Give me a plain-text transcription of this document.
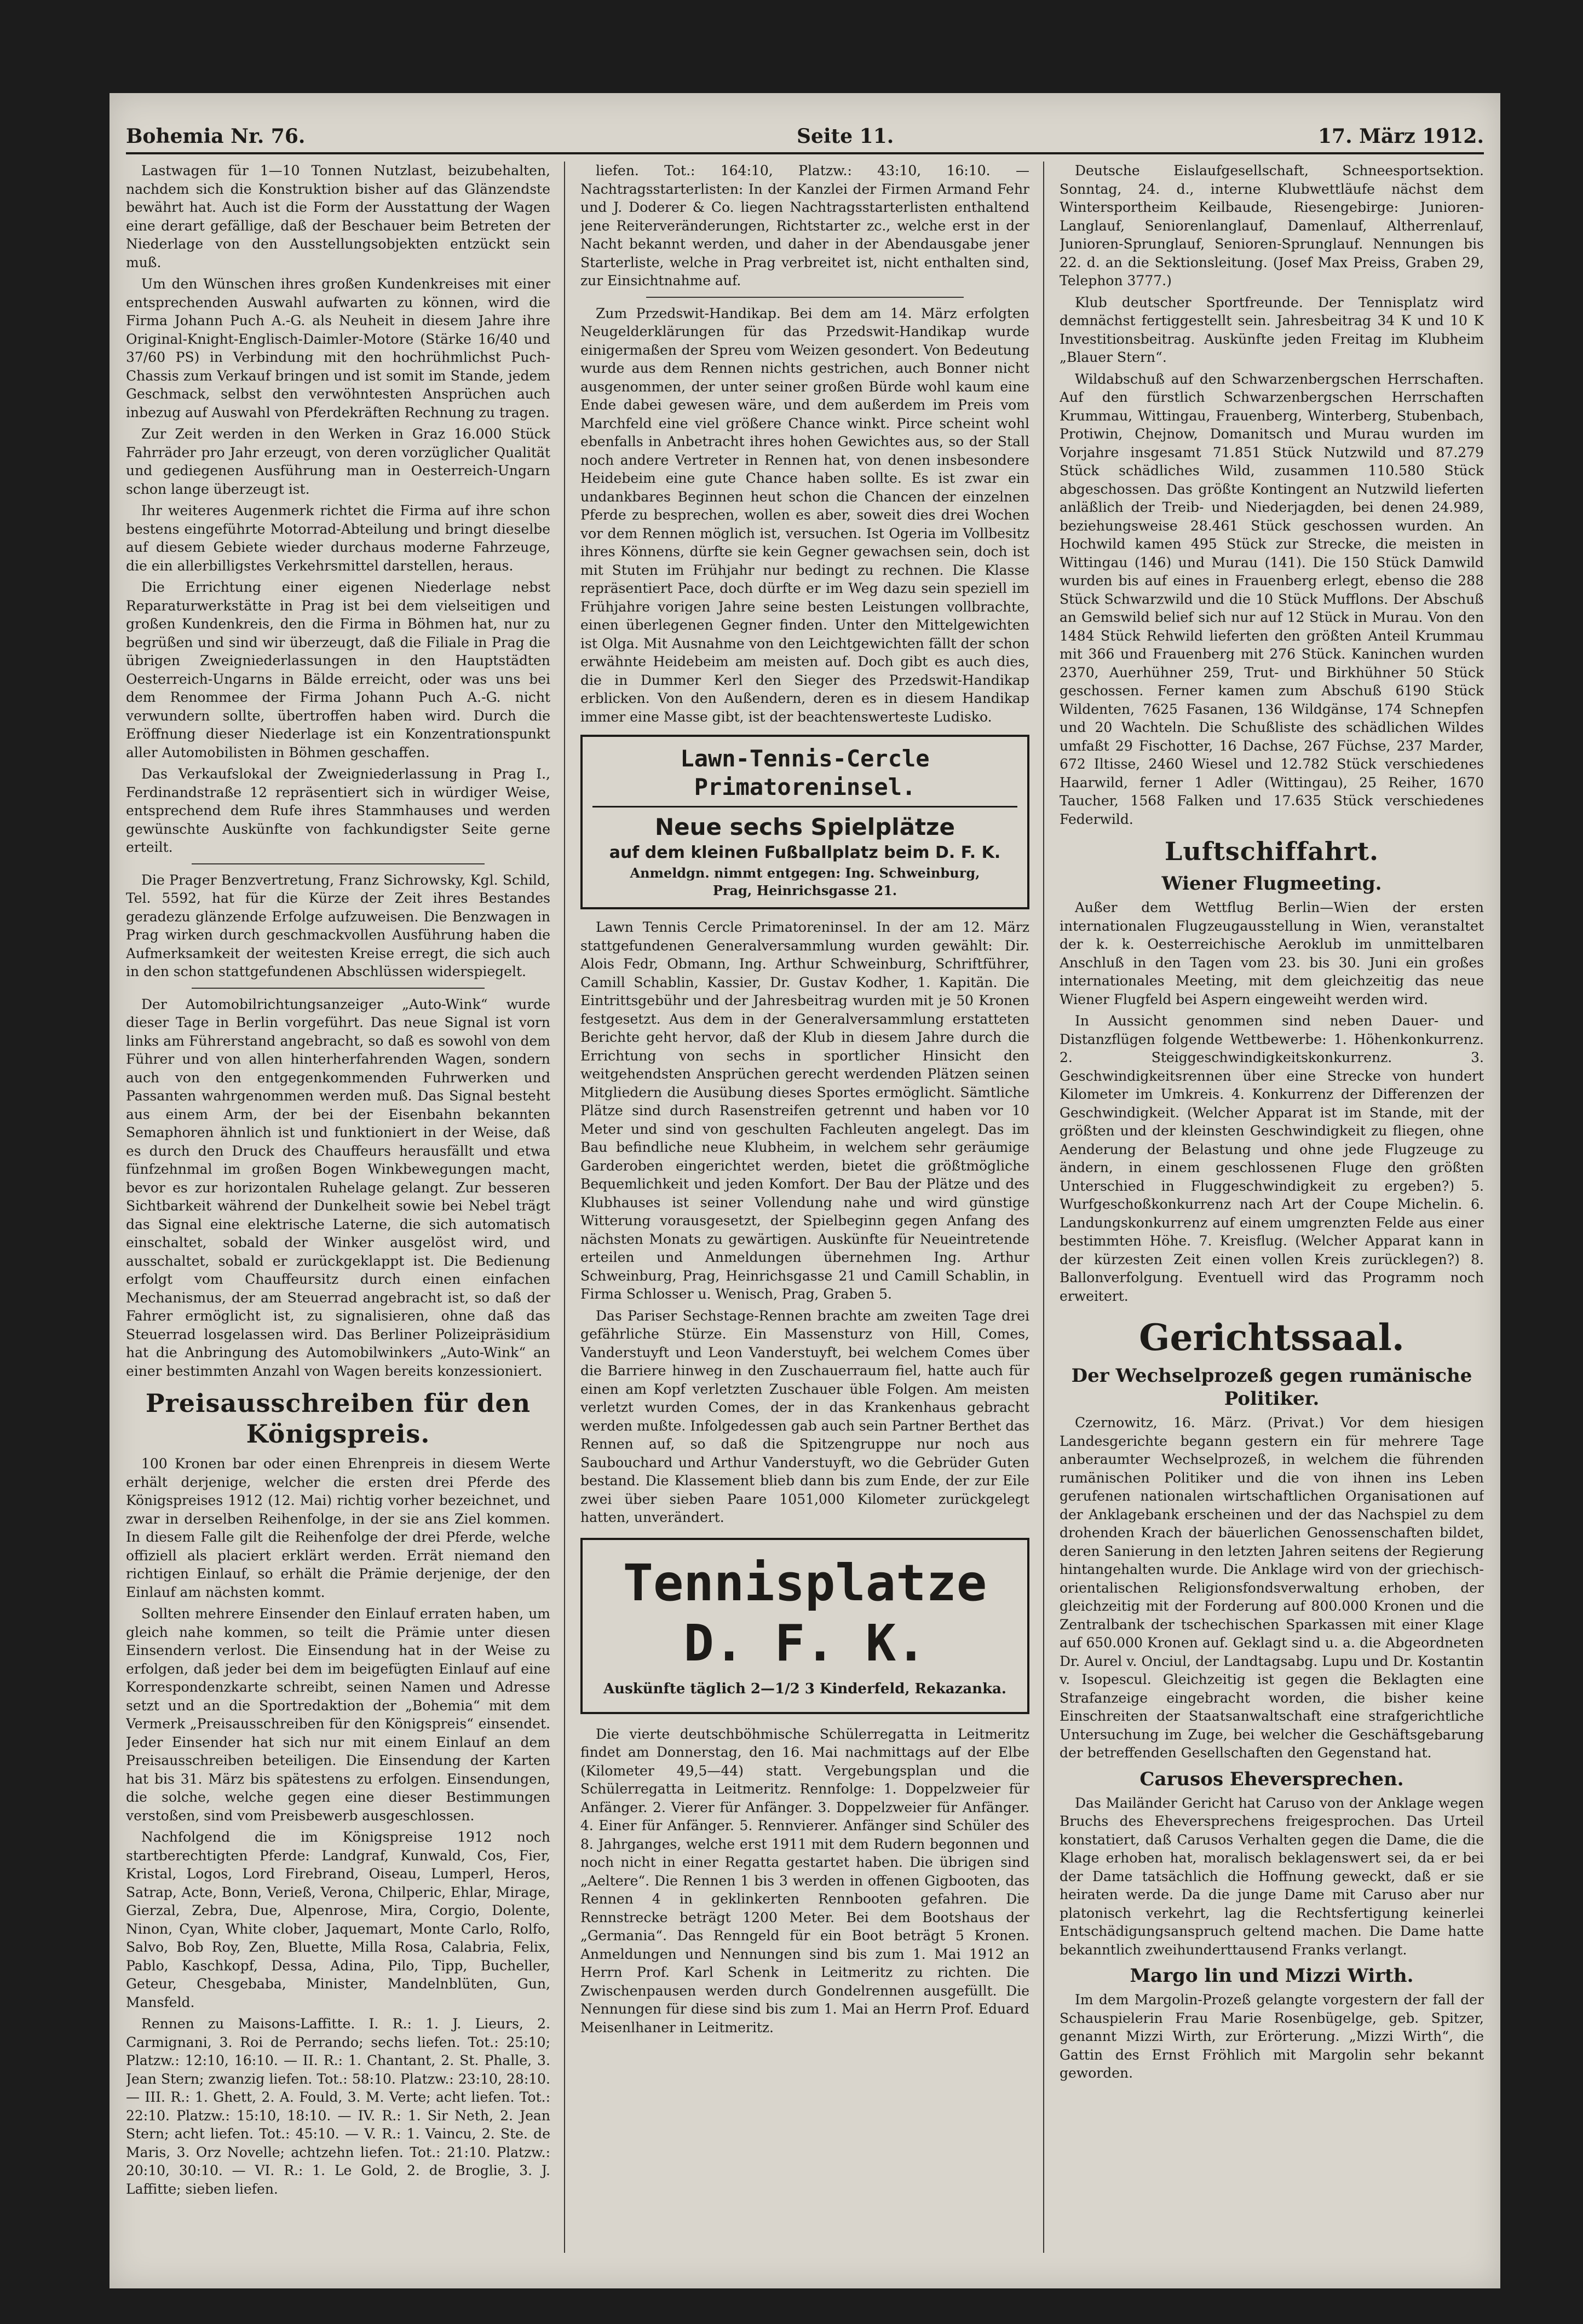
Bohemia Nr. 76.	Seite 11.	17. März 1912.

Lastwagen für 1—10 Tonnen Nutzlast, beizubehalten, nachdem sich die Konstruktion bisher auf das Glänzendste bewährt hat. Auch ist die Form der Ausstattung der Wagen eine derart gefällige, daß der Beschauer beim Betreten der Niederlage von den Ausstellungsobjekten entzückt sein muß.

Um den Wünschen ihres großen Kundenkreises mit einer entsprechenden Auswahl aufwarten zu können, wird die Firma Johann Puch A.-G. als Neuheit in diesem Jahre ihre Original-Knight-Englisch-Daimler-Motore (Stärke 16/40 und 37/60 PS) in Verbindung mit den hochrühmlichst Puch-Chassis zum Verkauf bringen und ist somit im Stande, jedem Geschmack, selbst den verwöhntesten Ansprüchen auch inbezug auf Auswahl von Pferdekräften Rechnung zu tragen.

Zur Zeit werden in den Werken in Graz 16.000 Stück Fahrräder pro Jahr erzeugt, von deren vorzüglicher Qualität und gediegenen Ausführung man in Oesterreich-Ungarn schon lange überzeugt ist.

Ihr weiteres Augenmerk richtet die Firma auf ihre schon bestens eingeführte Motorrad-Abteilung und bringt dieselbe auf diesem Gebiete wieder durchaus moderne Fahrzeuge, die ein allerbilligstes Verkehrsmittel darstellen, heraus.

Die Errichtung einer eigenen Niederlage nebst Reparaturwerkstätte in Prag ist bei dem vielseitigen und großen Kundenkreis, den die Firma in Böhmen hat, nur zu begrüßen und sind wir überzeugt, daß die Filiale in Prag die übrigen Zweigniederlassungen in den Hauptstädten Oesterreich-Ungarns in Bälde erreicht, oder was uns bei dem Renommee der Firma Johann Puch A.-G. nicht verwundern sollte, übertroffen haben wird. Durch die Eröffnung dieser Niederlage ist ein Konzentrationspunkt aller Automobilisten in Böhmen geschaffen.

Das Verkaufslokal der Zweigniederlassung in Prag I., Ferdinandstraße 12 repräsentiert sich in würdiger Weise, entsprechend dem Rufe ihres Stammhauses und werden gewünschte Auskünfte von fachkundigster Seite gerne erteilt.

Die Prager Benzvertretung, Franz Sichrowsky, Kgl. Schild, Tel. 5592, hat für die Kürze der Zeit ihres Bestandes geradezu glänzende Erfolge aufzuweisen. Die Benzwagen in Prag wirken durch geschmackvollen Ausführung haben die Aufmerksamkeit der weitesten Kreise erregt, die sich auch in den schon stattgefundenen Abschlüssen widerspiegelt.

Der Automobilrichtungsanzeiger „Auto-Wink“ wurde dieser Tage in Berlin vorgeführt. Das neue Signal ist vorn links am Führerstand angebracht, so daß es sowohl von dem Führer und von allen hinterherfahrenden Wagen, sondern auch von den entgegenkommenden Fuhrwerken und Passanten wahrgenommen werden muß. Das Signal besteht aus einem Arm, der bei der Eisenbahn bekannten Semaphoren ähnlich ist und funktioniert in der Weise, daß es durch den Druck des Chauffeurs herausfällt und etwa fünfzehnmal im großen Bogen Winkbewegungen macht, bevor es zur horizontalen Ruhelage gelangt. Zur besseren Sichtbarkeit während der Dunkelheit sowie bei Nebel trägt das Signal eine elektrische Laterne, die sich automatisch einschaltet, sobald der Winker ausgelöst wird, und ausschaltet, sobald er zurückgeklappt ist. Die Bedienung erfolgt vom Chauffeursitz durch einen einfachen Mechanismus, der am Steuerrad angebracht ist, so daß der Fahrer ermöglicht ist, zu signalisieren, ohne daß das Steuerrad losgelassen wird. Das Berliner Polizeipräsidium hat die Anbringung des Automobilwinkers „Auto-Wink“ an einer bestimmten Anzahl von Wagen bereits konzessioniert.

Preisausschreiben für den Königspreis.

100 Kronen bar oder einen Ehrenpreis in diesem Werte erhält derjenige, welcher die ersten drei Pferde des Königspreises 1912 (12. Mai) richtig vorher bezeichnet, und zwar in derselben Reihenfolge, in der sie ans Ziel kommen. In diesem Falle gilt die Reihenfolge der drei Pferde, welche offiziell als placiert erklärt werden. Errät niemand den richtigen Einlauf, so erhält die Prämie derjenige, der den Einlauf am nächsten kommt.

Sollten mehrere Einsender den Einlauf erraten haben, um gleich nahe kommen, so teilt die Prämie unter diesen Einsendern verlost. Die Einsendung hat in der Weise zu erfolgen, daß jeder bei dem im beigefügten Einlauf auf eine Korrespondenzkarte schreibt, seinen Namen und Adresse setzt und an die Sportredaktion der „Bohemia“ mit dem Vermerk „Preisausschreiben für den Königspreis“ einsendet. Jeder Einsender hat sich nur mit einem Einlauf an dem Preisausschreiben beteiligen. Die Einsendung der Karten hat bis 31. März bis spätestens zu erfolgen. Einsendungen, die solche, welche gegen eine dieser Bestimmungen verstoßen, sind vom Preisbewerb ausgeschlossen.

Nachfolgend die im Königspreise 1912 noch startberechtigten Pferde: Landgraf, Kunwald, Cos, Fier, Kristal, Logos, Lord Firebrand, Oiseau, Lumperl, Heros, Satrap, Acte, Bonn, Verieß, Verona, Chilperic, Ehlar, Mirage, Gierzal, Zebra, Due, Alpenrose, Mira, Corgio, Dolente, Ninon, Cyan, White clober, Jaquemart, Monte Carlo, Rolfo, Salvo, Bob Roy, Zen, Bluette, Milla Rosa, Calabria, Felix, Pablo, Kaschkopf, Dessa, Adina, Pilo, Tipp, Bucheller, Geteur, Chesgebaba, Minister, Mandelnblüten, Gun, Mansfeld.

Rennen zu Maisons-Laffitte. I. R.: 1. J. Lieurs, 2. Carmignani, 3. Roi de Perrando; sechs liefen. Tot.: 25:10; Platzw.: 12:10, 16:10. — II. R.: 1. Chantant, 2. St. Phalle, 3. Jean Stern; zwanzig liefen. Tot.: 58:10. Platzw.: 23:10, 28:10. — III. R.: 1. Ghett, 2. A. Fould, 3. M. Verte; acht liefen. Tot.: 22:10. Platzw.: 15:10, 18:10. — IV. R.: 1. Sir Neth, 2. Jean Stern; acht liefen. Tot.: 45:10. — V. R.: 1. Vaincu, 2. Ste. de Maris, 3. Orz Novelle; achtzehn liefen. Tot.: 21:10. Platzw.: 20:10, 30:10. — VI. R.: 1. Le Gold, 2. de Broglie, 3. J. Laffitte; sieben liefen.

liefen. Tot.: 164:10, Platzw.: 43:10, 16:10. — Nachtragsstarterlisten: In der Kanzlei der Firmen Armand Fehr und J. Doderer & Co. liegen Nachtragsstarterlisten enthaltend jene Reiterveränderungen, Richtstarter zc., welche erst in der Nacht bekannt werden, und daher in der Abendausgabe jener Starterliste, welche in Prag verbreitet ist, nicht enthalten sind, zur Einsichtnahme auf.

Zum Przedswit-Handikap. Bei dem am 14. März erfolgten Neugelderklärungen für das Przedswit-Handikap wurde einigermaßen der Spreu vom Weizen gesondert. Von Bedeutung wurde aus dem Rennen nichts gestrichen, auch Bonner nicht ausgenommen, der unter seiner großen Bürde wohl kaum eine Ende dabei gewesen wäre, und dem außerdem im Preis vom Marchfeld eine viel größere Chance winkt. Pirce scheint wohl ebenfalls in Anbetracht ihres hohen Gewichtes aus, so der Stall noch andere Vertreter in Rennen hat, von denen insbesondere Heidebeim eine gute Chance haben sollte. Es ist zwar ein undankbares Beginnen heut schon die Chancen der einzelnen Pferde zu besprechen, wollen es aber, soweit dies drei Wochen vor dem Rennen möglich ist, versuchen. Ist Ogeria im Vollbesitz ihres Könnens, dürfte sie kein Gegner gewachsen sein, doch ist mit Stuten im Frühjahr nur bedingt zu rechnen. Die Klasse repräsentiert Pace, doch dürfte er im Weg dazu sein speziell im Frühjahre vorigen Jahre seine besten Leistungen vollbrachte, einen überlegenen Gegner finden. Unter den Mittelgewichten ist Olga. Mit Ausnahme von den Leichtgewichten fällt der schon erwähnte Heidebeim am meisten auf. Doch gibt es auch dies, die in Dummer Kerl den Sieger des Przedswit-Handikap erblicken. Von den Außendern, deren es in diesem Handikap immer eine Masse gibt, ist der beachtenswerteste Ludisko.

Lawn-Tennis-Cercle Primatoreninsel.
Neue sechs Spielplätze
auf dem kleinen Fußballplatz beim D. F. K.
Anmeldgn. nimmt entgegen: Ing. Schweinburg,
Prag, Heinrichsgasse 21.

Lawn Tennis Cercle Primatoreninsel. In der am 12. März stattgefundenen Generalversammlung wurden gewählt: Dir. Alois Fedr, Obmann, Ing. Arthur Schweinburg, Schriftführer, Camill Schablin, Kassier, Dr. Gustav Kodher, 1. Kapitän. Die Eintrittsgebühr und der Jahresbeitrag wurden mit je 50 Kronen festgesetzt. Aus dem in der Generalversammlung erstatteten Berichte geht hervor, daß der Klub in diesem Jahre durch die Errichtung von sechs in sportlicher Hinsicht den weitgehendsten Ansprüchen gerecht werdenden Plätzen seinen Mitgliedern die Ausübung dieses Sportes ermöglicht. Sämtliche Plätze sind durch Rasenstreifen getrennt und haben vor 10 Meter und sind von geschulten Fachleuten angelegt. Das im Bau befindliche neue Klubheim, in welchem sehr geräumige Garderoben eingerichtet werden, bietet die größtmögliche Bequemlichkeit und jeden Komfort. Der Bau der Plätze und des Klubhauses ist seiner Vollendung nahe und wird günstige Witterung vorausgesetzt, der Spielbeginn gegen Anfang des nächsten Monats zu gewärtigen. Auskünfte für Neueintretende erteilen und Anmeldungen übernehmen Ing. Arthur Schweinburg, Prag, Heinrichsgasse 21 und Camill Schablin, in Firma Schlosser u. Wenisch, Prag, Graben 5.

Das Pariser Sechstage-Rennen brachte am zweiten Tage drei gefährliche Stürze. Ein Massensturz von Hill, Comes, Vanderstuyft und Leon Vanderstuyft, bei welchem Comes über die Barriere hinweg in den Zuschauerraum fiel, hatte auch für einen am Kopf verletzten Zuschauer üble Folgen. Am meisten verletzt wurden Comes, der in das Krankenhaus gebracht werden mußte. Infolgedessen gab auch sein Partner Berthet das Rennen auf, so daß die Spitzengruppe nur noch aus Saubouchard und Arthur Vanderstuyft, wo die Gebrüder Guten bestand. Die Klassement blieb dann bis zum Ende, der zur Eile zwei über sieben Paare 1051,000 Kilometer zurückgelegt hatten, unverändert.

Tennisplatze D. F. K.
Auskünfte täglich 2—1/2 3 Kinderfeld, Rekazanka.

Die vierte deutschböhmische Schülerregatta in Leitmeritz findet am Donnerstag, den 16. Mai nachmittags auf der Elbe (Kilometer 49,5—44) statt. Vergebungsplan und die Schülerregatta in Leitmeritz. Rennfolge: 1. Doppelzweier für Anfänger. 2. Vierer für Anfänger. 3. Doppelzweier für Anfänger. 4. Einer für Anfänger. 5. Rennvierer. Anfänger sind Schüler des 8. Jahrganges, welche erst 1911 mit dem Rudern begonnen und noch nicht in einer Regatta gestartet haben. Die übrigen sind „Aeltere“. Die Rennen 1 bis 3 werden in offenen Gigbooten, das Rennen 4 in geklinkerten Rennbooten gefahren. Die Rennstrecke beträgt 1200 Meter. Bei dem Bootshaus der „Germania“. Das Renngeld für ein Boot beträgt 5 Kronen. Anmeldungen und Nennungen sind bis zum 1. Mai 1912 an Herrn Prof. Karl Schenk in Leitmeritz zu richten. Die Zwischenpausen werden durch Gondelrennen ausgefüllt. Die Nennungen für diese sind bis zum 1. Mai an Herrn Prof. Eduard Meisenlhaner in Leitmeritz.

Deutsche Eislaufgesellschaft, Schneesportsektion. Sonntag, 24. d., interne Klubwettläufe nächst dem Wintersportheim Keilbaude, Riesengebirge: Junioren-Langlauf, Seniorenlanglauf, Damenlauf, Altherrenlauf, Junioren-Sprunglauf, Senioren-Sprunglauf. Nennungen bis 22. d. an die Sektionsleitung. (Josef Max Preiss, Graben 29, Telephon 3777.)

Klub deutscher Sportfreunde. Der Tennisplatz wird demnächst fertiggestellt sein. Jahresbeitrag 34 K und 10 K Investitionsbeitrag. Auskünfte jeden Freitag im Klubheim „Blauer Stern“.

Wildabschuß auf den Schwarzenbergschen Herrschaften. Auf den fürstlich Schwarzenbergschen Herrschaften Krummau, Wittingau, Frauenberg, Winterberg, Stubenbach, Protiwin, Chejnow, Domanitsch und Murau wurden im Vorjahre insgesamt 71.851 Stück Nutzwild und 87.279 Stück schädliches Wild, zusammen 110.580 Stück abgeschossen. Das größte Kontingent an Nutzwild lieferten anläßlich der Treib- und Niederjagden, bei denen 24.989, beziehungsweise 28.461 Stück geschossen wurden. An Hochwild kamen 495 Stück zur Strecke, die meisten in Wittingau (146) und Murau (141). Die 150 Stück Damwild wurden bis auf eines in Frauenberg erlegt, ebenso die 288 Stück Schwarzwild und die 10 Stück Mufflons. Der Abschuß an Gemswild belief sich nur auf 12 Stück in Murau. Von den 1484 Stück Rehwild lieferten den größten Anteil Krummau mit 366 und Frauenberg mit 276 Stück. Kaninchen wurden 2370, Auerhühner 259, Trut- und Birkhühner 50 Stück geschossen. Ferner kamen zum Abschuß 6190 Stück Wildenten, 7625 Fasanen, 136 Wildgänse, 174 Schnepfen und 20 Wachteln. Die Schußliste des schädlichen Wildes umfaßt 29 Fischotter, 16 Dachse, 267 Füchse, 237 Marder, 672 Iltisse, 2460 Wiesel und 12.782 Stück verschiedenes Haarwild, ferner 1 Adler (Wittingau), 25 Reiher, 1670 Taucher, 1568 Falken und 17.635 Stück verschiedenes Federwild.

Luftschiffahrt.
Wiener Flugmeeting.

Außer dem Wettflug Berlin—Wien der ersten internationalen Flugzeugausstellung in Wien, veranstaltet der k. k. Oesterreichische Aeroklub im unmittelbaren Anschluß in den Tagen vom 23. bis 30. Juni ein großes internationales Meeting, mit dem gleichzeitig das neue Wiener Flugfeld bei Aspern eingeweiht werden wird.

In Aussicht genommen sind neben Dauer- und Distanzflügen folgende Wettbewerbe: 1. Höhenkonkurrenz. 2. Steiggeschwindigkeitskonkurrenz. 3. Geschwindigkeitsrennen über eine Strecke von hundert Kilometer im Umkreis. 4. Konkurrenz der Differenzen der Geschwindigkeit. (Welcher Apparat ist im Stande, mit der größten und der kleinsten Geschwindigkeit zu fliegen, ohne Aenderung der Belastung und ohne jede Flugzeuge zu ändern, in einem geschlossenen Fluge den größten Unterschied in Fluggeschwindigkeit zu ergeben?) 5. Wurfgeschoßkonkurrenz nach Art der Coupe Michelin. 6. Landungskonkurrenz auf einem umgrenzten Felde aus einer bestimmten Höhe. 7. Kreisflug. (Welcher Apparat kann in der kürzesten Zeit einen vollen Kreis zurücklegen?) 8. Ballonverfolgung. Eventuell wird das Programm noch erweitert.

Gerichtssaal.
Der Wechselprozeß gegen rumänische Politiker.

Czernowitz, 16. März. (Privat.) Vor dem hiesigen Landesgerichte begann gestern ein für mehrere Tage anberaumter Wechselprozeß, in welchem die führenden rumänischen Politiker und die von ihnen ins Leben gerufenen nationalen wirtschaftlichen Organisationen auf der Anklagebank erscheinen und der das Nachspiel zu dem drohenden Krach der bäuerlichen Genossenschaften bildet, deren Sanierung in den letzten Jahren seitens der Regierung hintangehalten wurde. Die Anklage wird von der griechisch-orientalischen Religionsfondsverwaltung erhoben, der gleichzeitig mit der Forderung auf 800.000 Kronen und die Zentralbank der tschechischen Sparkassen mit einer Klage auf 650.000 Kronen auf. Geklagt sind u. a. die Abgeordneten Dr. Aurel v. Onciul, der Landtagsabg. Lupu und Dr. Kostantin v. Isopescul. Gleichzeitig ist gegen die Beklagten eine Strafanzeige eingebracht worden, die bisher keine Einschreiten der Staatsanwaltschaft eine strafgerichtliche Untersuchung im Zuge, bei welcher die Geschäftsgebarung der betreffenden Gesellschaften den Gegenstand hat.

Carusos Eheversprechen.

Das Mailänder Gericht hat Caruso von der Anklage wegen Bruchs des Eheversprechens freigesprochen. Das Urteil konstatiert, daß Carusos Verhalten gegen die Dame, die die Klage erhoben hat, moralisch beklagenswert sei, da er bei der Dame tatsächlich die Hoffnung geweckt, daß er sie heiraten werde. Da die junge Dame mit Caruso aber nur platonisch verkehrt, lag die Rechtsfertigung keinerlei Entschädigungsanspruch geltend machen. Die Dame hatte bekanntlich zweihunderttausend Franks verlangt.

Margo lin und Mizzi Wirth.

Im dem Margolin-Prozeß gelangte vorgestern der fall der Schauspielerin Frau Marie Rosenbügelge, geb. Spitzer, genannt Mizzi Wirth, zur Erörterung. „Mizzi Wirth“, die Gattin des Ernst Fröhlich mit Margolin sehr bekannt geworden.
